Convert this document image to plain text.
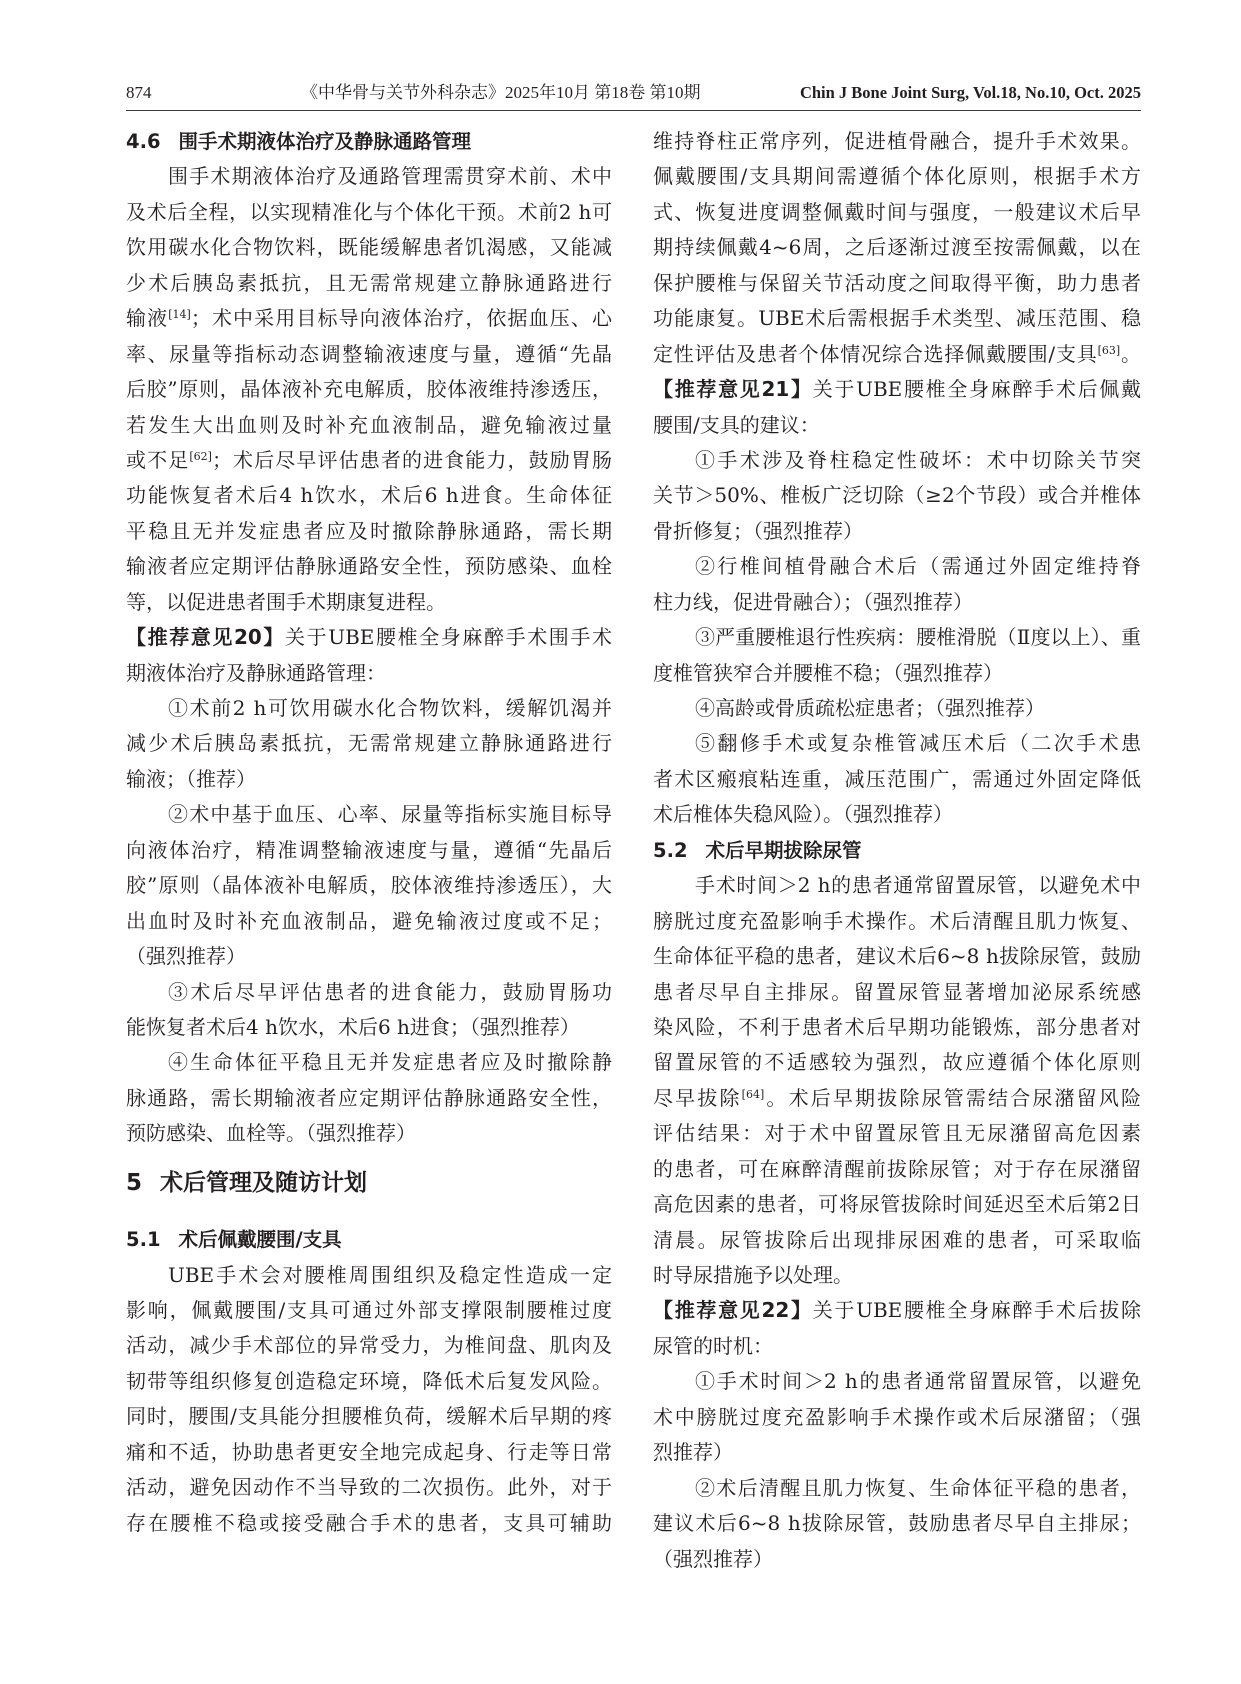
874	《中华骨与关节外科杂志》2025年10月 第18卷 第10期	Chin J Bone Joint Surg, Vol.18, No.10, Oct. 2025
4.6 围手术期液体治疗及静脉通路管理
围手术期液体治疗及通路管理需贯穿术前、术中
及术后全程，以实现精准化与个体化干预。术前2 h可
饮用碳水化合物饮料，既能缓解患者饥渴感，又能减
少术后胰岛素抵抗，且无需常规建立静脉通路进行
输液[14]；术中采用目标导向液体治疗，依据血压、心
率、尿量等指标动态调整输液速度与量，遵循“先晶
后胶”原则，晶体液补充电解质，胶体液维持渗透压，
若发生大出血则及时补充血液制品，避免输液过量
或不足[62]；术后尽早评估患者的进食能力，鼓励胃肠
功能恢复者术后4 h饮水，术后6 h进食。生命体征
平稳且无并发症患者应及时撤除静脉通路，需长期
输液者应定期评估静脉通路安全性，预防感染、血栓
等，以促进患者围手术期康复进程。
【推荐意见20】关于UBE腰椎全身麻醉手术围手术
期液体治疗及静脉通路管理：
①术前2 h可饮用碳水化合物饮料，缓解饥渴并
减少术后胰岛素抵抗，无需常规建立静脉通路进行
输液；（推荐）
②术中基于血压、心率、尿量等指标实施目标导
向液体治疗，精准调整输液速度与量，遵循“先晶后
胶”原则（晶体液补电解质，胶体液维持渗透压），大
出血时及时补充血液制品，避免输液过度或不足；
（强烈推荐）
③术后尽早评估患者的进食能力，鼓励胃肠功
能恢复者术后4 h饮水，术后6 h进食；（强烈推荐）
④生命体征平稳且无并发症患者应及时撤除静
脉通路，需长期输液者应定期评估静脉通路安全性，
预防感染、血栓等。（强烈推荐）
5 术后管理及随访计划
5.1 术后佩戴腰围/支具
UBE手术会对腰椎周围组织及稳定性造成一定
影响，佩戴腰围/支具可通过外部支撑限制腰椎过度
活动，减少手术部位的异常受力，为椎间盘、肌肉及
韧带等组织修复创造稳定环境，降低术后复发风险。
同时，腰围/支具能分担腰椎负荷，缓解术后早期的疼
痛和不适，协助患者更安全地完成起身、行走等日常
活动，避免因动作不当导致的二次损伤。此外，对于
存在腰椎不稳或接受融合手术的患者，支具可辅助
维持脊柱正常序列，促进植骨融合，提升手术效果。
佩戴腰围/支具期间需遵循个体化原则，根据手术方
式、恢复进度调整佩戴时间与强度，一般建议术后早
期持续佩戴4~6周，之后逐渐过渡至按需佩戴，以在
保护腰椎与保留关节活动度之间取得平衡，助力患者
功能康复。UBE术后需根据手术类型、减压范围、稳
定性评估及患者个体情况综合选择佩戴腰围/支具[63]。
【推荐意见21】关于UBE腰椎全身麻醉手术后佩戴
腰围/支具的建议：
①手术涉及脊柱稳定性破坏：术中切除关节突
关节＞50%、椎板广泛切除（≥2个节段）或合并椎体
骨折修复；（强烈推荐）
②行椎间植骨融合术后（需通过外固定维持脊
柱力线，促进骨融合）；（强烈推荐）
③严重腰椎退行性疾病：腰椎滑脱（Ⅱ度以上）、重
度椎管狭窄合并腰椎不稳；（强烈推荐）
④高龄或骨质疏松症患者；（强烈推荐）
⑤翻修手术或复杂椎管减压术后（二次手术患
者术区瘢痕粘连重，减压范围广，需通过外固定降低
术后椎体失稳风险）。（强烈推荐）
5.2 术后早期拔除尿管
手术时间＞2 h的患者通常留置尿管，以避免术中
膀胱过度充盈影响手术操作。术后清醒且肌力恢复、
生命体征平稳的患者，建议术后6~8 h拔除尿管，鼓励
患者尽早自主排尿。留置尿管显著增加泌尿系统感
染风险，不利于患者术后早期功能锻炼，部分患者对
留置尿管的不适感较为强烈，故应遵循个体化原则
尽早拔除[64]。术后早期拔除尿管需结合尿潴留风险
评估结果：对于术中留置尿管且无尿潴留高危因素
的患者，可在麻醉清醒前拔除尿管；对于存在尿潴留
高危因素的患者，可将尿管拔除时间延迟至术后第2日
清晨。尿管拔除后出现排尿困难的患者，可采取临
时导尿措施予以处理。
【推荐意见22】关于UBE腰椎全身麻醉手术后拔除
尿管的时机：
①手术时间＞2 h的患者通常留置尿管，以避免
术中膀胱过度充盈影响手术操作或术后尿潴留；（强
烈推荐）
②术后清醒且肌力恢复、生命体征平稳的患者，
建议术后6~8 h拔除尿管，鼓励患者尽早自主排尿；
（强烈推荐）
